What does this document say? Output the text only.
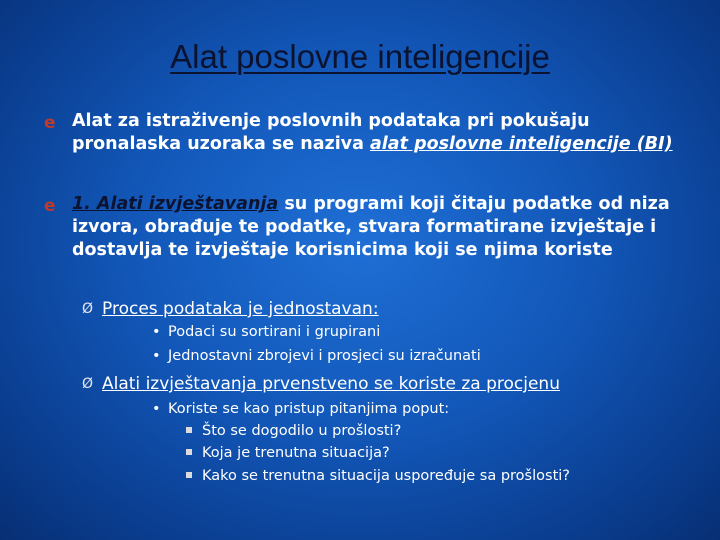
Alat poslovne inteligencije
e Alat za istraživenje poslovnih podataka pri pokušaju pronalaska uzoraka se naziva alat poslovne inteligencije (BI)
e 1. Alati izvještavanja su programi koji čitaju podatke od niza izvora, obrađuje te podatke, stvara formatirane izvještaje i dostavlja te izvještaje korisnicima koji se njima koriste
Ø Proces podataka je jednostavan:
• Podaci su sortirani i grupirani
• Jednostavni zbrojevi i prosjeci su izračunati
Ø Alati izvještavanja prvenstveno se koriste za procjenu
• Koriste se kao pristup pitanjima poput:
Što se dogodilo u prošlosti?
Koja je trenutna situacija?
Kako se trenutna situacija uspoređuje sa prošlosti?
